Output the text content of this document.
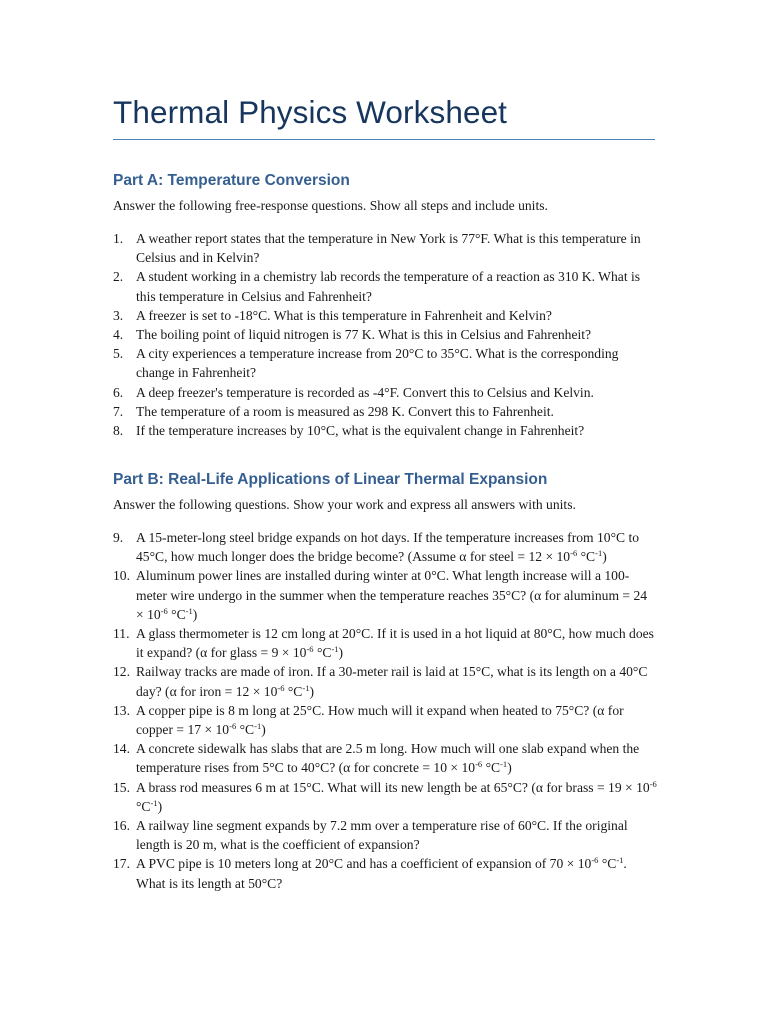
Thermal Physics Worksheet
Part A: Temperature Conversion

Answer the following free-response questions. Show all steps and include units.

1. A weather report states that the temperature in New York is 77°F. What is this temperature in Celsius and in Kelvin?
2. A student working in a chemistry lab records the temperature of a reaction as 310 K. What is this temperature in Celsius and Fahrenheit?
3. A freezer is set to -18°C. What is this temperature in Fahrenheit and Kelvin?
4. The boiling point of liquid nitrogen is 77 K. What is this in Celsius and Fahrenheit?
5. A city experiences a temperature increase from 20°C to 35°C. What is the corresponding change in Fahrenheit?
6. A deep freezer's temperature is recorded as -4°F. Convert this to Celsius and Kelvin.
7. The temperature of a room is measured as 298 K. Convert this to Fahrenheit.
8. If the temperature increases by 10°C, what is the equivalent change in Fahrenheit?
Part B: Real-Life Applications of Linear Thermal Expansion

Answer the following questions. Show your work and express all answers with units.

9. A 15-meter-long steel bridge expands on hot days. If the temperature increases from 10°C to 45°C, how much longer does the bridge become? (Assume α for steel = $12 \times 10^{-6}$ $^\circ C^{-1}$)
10. Aluminum power lines are installed during winter at 0°C. What length increase will a 100-meter wire undergo in the summer when the temperature reaches 35°C? (α for aluminum = $24 \times 10^{-6}$ $^\circ C^{-1}$)
11. A glass thermometer is 12 cm long at 20°C. If it is used in a hot liquid at 80°C, how much does it expand? (α for glass = $9 \times 10^{-6}$ $^\circ C^{-1}$)
12. Railway tracks are made of iron. If a 30-meter rail is laid at 15°C, what is its length on a 40°C day? (α for iron = $12 \times 10^{-6}$ $^\circ C^{-1}$)
13. A copper pipe is 8 m long at 25°C. How much will it expand when heated to 75°C? (α for copper = $17 \times 10^{-6}$ $^\circ C^{-1}$)
14. A concrete sidewalk has slabs that are 2.5 m long. How much will one slab expand when the temperature rises from 5°C to 40°C? (α for concrete = $10 \times 10^{-6}$ $^\circ C^{-1}$)
15. A brass rod measures 6 m at 15°C. What will its new length be at 65°C? (α for brass = $19 \times 10^{-6}$ $^\circ C^{-1}$)
16. A railway line segment expands by 7.2 mm over a temperature rise of 60°C. If the original length is 20 m, what is the coefficient of expansion?
17. A PVC pipe is 10 meters long at 20°C and has a coefficient of expansion of $70 \times 10^{-6}$ $^\circ C^{-1}$. What is its length at 50°C?
